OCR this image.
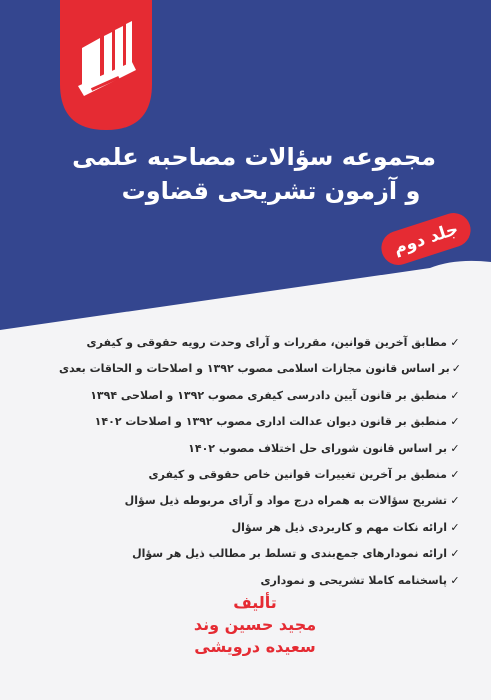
مجموعه سؤالات مصاحبه علمی
و آزمون تشریحی قضاوت
جلد دوم
✓
مطابق آخرین قوانین، مقررات و آرای وحدت رویه حقوقی و کیفری
✓
بر اساس قانون مجازات اسلامی مصوب ۱۳۹۲ و اصلاحات و الحاقات بعدی
✓
منطبق بر قانون آیین دادرسی کیفری مصوب ۱۳۹۲ و اصلاحی ۱۳۹۴
✓
منطبق بر قانون دیوان عدالت اداری مصوب ۱۳۹۲ و اصلاحات ۱۴۰۲
✓
بر اساس قانون شورای حل اختلاف مصوب ۱۴۰۲
✓
منطبق بر آخرین تغییرات قوانین خاص حقوقی و کیفری
✓
تشریح سؤالات به همراه درج مواد و آرای مربوطه ذیل سؤال
✓
ارائه نکات مهم و کاربردی ذیل هر سؤال
✓
ارائه نمودارهای جمع‌بندی و تسلط بر مطالب ذیل هر سؤال
✓
پاسخنامه کاملا تشریحی و نموداری
تألیف
مجید حسین وند
سعیده درویشی
